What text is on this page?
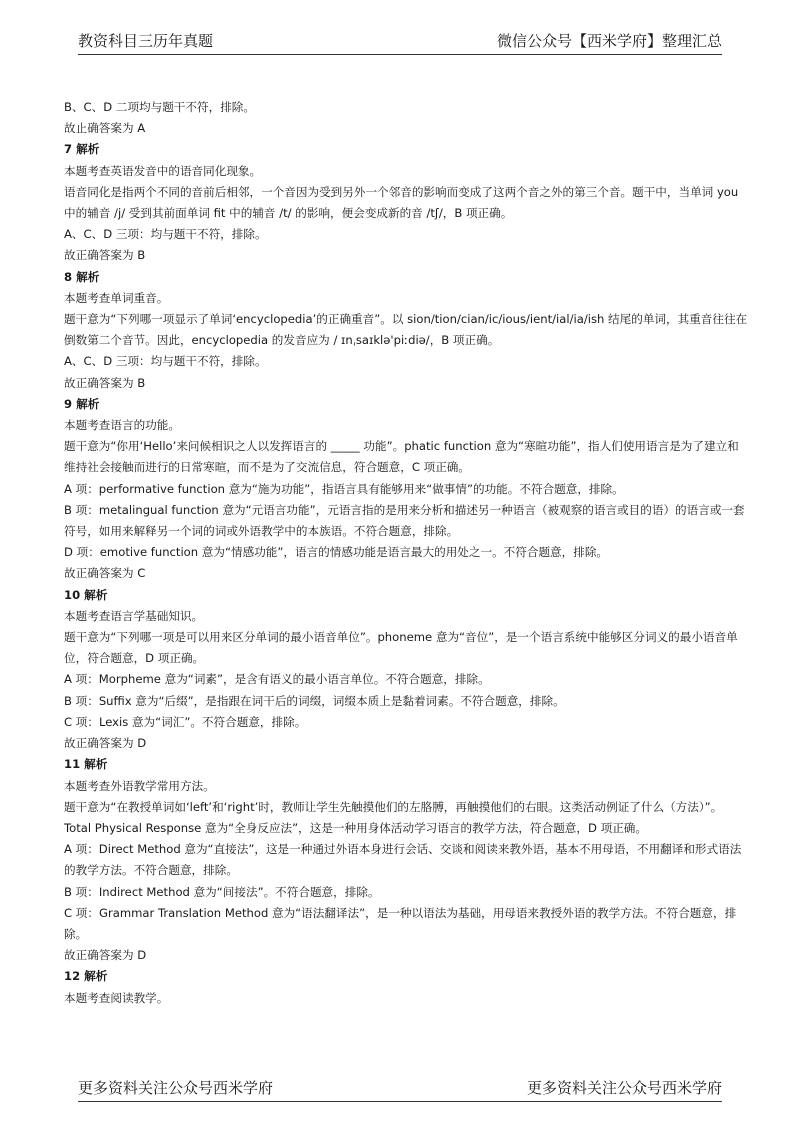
教资科目三历年真题	微信公众号【西米学府】整理汇总

B、C、D 二项均与题干不符，排除。

故止确答案为 A

7 解析

本题考查英语发音中的语音同化现象。

语音同化是指两个不同的音前后相邻，一个音因为受到另外一个邻音的影响而变成了这两个音之外的第三个音。题干中，当单词 you 中的辅音 /j/ 受到其前面单词 fit 中的辅音 /t/ 的影响，便会变成新的音 /tʃ/，B 项正确。

A、C、D 三项：均与题干不符，排除。

故正确答案为 B

8 解析

本题考查单词重音。

题干意为“下列哪一项显示了单词‘encyclopedia’的正确重音”。以 sion/tion/cian/ic/ious/ient/ial/ia/ish 结尾的单词，其重音往往在倒数第二个音节。因此，encyclopedia 的发音应为 / ɪnˌsaɪklə'piːdiə/，B 项正确。

A、C、D 三项：均与题干不符，排除。

故正确答案为 B

9 解析

本题考查语言的功能。

题干意为“你用‘Hello’来问候相识之人以发挥语言的 _____ 功能”。phatic function 意为“寒暄功能”，指人们使用语言是为了建立和维持社会接触而进行的日常寒暄，而不是为了交流信息，符合题意，C 项正确。

A 项：performative function 意为“施为功能”，指语言具有能够用来“做事情”的功能。不符合题意，排除。

B 项：metalingual function 意为“元语言功能”，元语言指的是用来分析和描述另一种语言（被观察的语言或目的语）的语言或一套符号，如用来解释另一个词的词或外语教学中的本族语。不符合题意，排除。

D 项：emotive function 意为“情感功能”，语言的情感功能是语言最大的用处之一。不符合题意，排除。

故正确答案为 C

10 解析

本题考查语言学基础知识。

题干意为“下列哪一项是可以用来区分单词的最小语音单位”。phoneme 意为“音位”，是一个语言系统中能够区分词义的最小语音单位，符合题意，D 项正确。

A 项：Morpheme 意为“词素”，是含有语义的最小语言单位。不符合题意，排除。

B 项：Suffix 意为“后缀”，是指跟在词干后的词缀，词缀本质上是黏着词素。不符合题意，排除。

C 项：Lexis 意为“词汇”。不符合题意，排除。

故正确答案为 D

11 解析

本题考查外语教学常用方法。

题干意为“在教授单词如‘left’和‘right’时，教师让学生先触摸他们的左胳膊，再触摸他们的右眼。这类活动例证了什么（方法）”。

Total Physical Response 意为“全身反应法”，这是一种用身体活动学习语言的教学方法，符合题意，D 项正确。

A 项：Direct Method 意为“直接法”，这是一种通过外语本身进行会话、交谈和阅读来教外语，基本不用母语，不用翻译和形式语法的教学方法。不符合题意，排除。

B 项：Indirect Method 意为“间接法”。不符合题意，排除。

C 项：Grammar Translation Method 意为“语法翻译法”，是一种以语法为基础，用母语来教授外语的教学方法。不符合题意，排除。

故正确答案为 D

12 解析

本题考查阅读教学。

更多资料关注公众号西米学府	更多资料关注公众号西米学府
